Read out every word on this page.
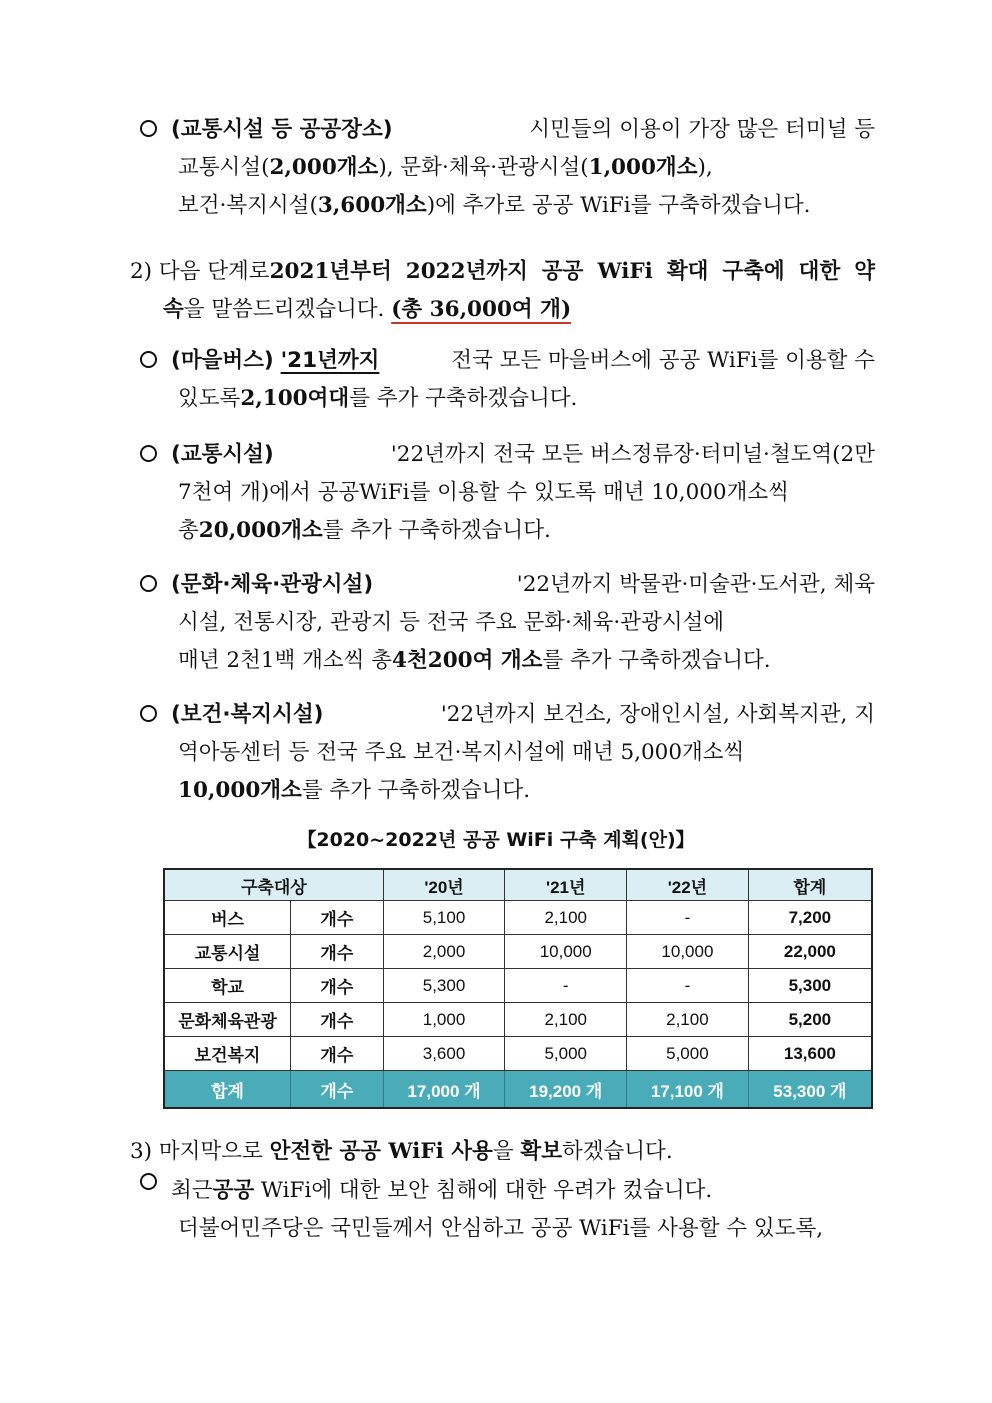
(교통시설 등 공공장소)	시민들의 이용이 가장 많은 터미널 등
교통시설( 2,000개소 ), 문화·체육·관광시설( 1,000개소 ),
보건·복지시설( 3,600개소 )에 추가로 공공 WiFi를 구축하겠습니다.
2) 다음 단계로 2021년부터 2022년까지 공공 WiFi 확대 구축에 대한 약
속을 말씀드리겠습니다. (총 36,000여 개)
(마을버스) '21년까지	전국 모든 마을버스에 공공 WiFi를 이용할 수
있도록 2,100여대 를 추가 구축하겠습니다.
(교통시설)	'22년까지 전국 모든 버스정류장·터미널·철도역(2만
7천여 개)에서 공공WiFi를 이용할 수 있도록 매년 10,000개소씩
총 20,000개소 를 추가 구축하겠습니다.
(문화·체육·관광시설)	'22년까지 박물관·미술관·도서관, 체육
시설, 전통시장, 관광지 등 전국 주요 문화·체육·관광시설에
매년 2천1백 개소씩 총 4천200여 개소 를 추가 구축하겠습니다.
(보건·복지시설)	'22년까지 보건소, 장애인시설, 사회복지관, 지
역아동센터 등 전국 주요 보건·복지시설에 매년 5,000개소씩
10,000개소 를 추가 구축하겠습니다.
【2020~2022년 공공 WiFi 구축 계획(안)】
구축대상		'20년	'21년	'22년	합계
버스	개수	5,100	2,100	-	7,200
교통시설	개수	2,000	10,000	10,000	22,000
학교	개수	5,300	-	-	5,300
문화체육관광	개수	1,000	2,100	2,100	5,200
보건복지	개수	3,600	5,000	5,000	13,600
합계	개수	17,000 개	19,200 개	17,100 개	53,300 개
3) 마지막으로 안전한 공공 WiFi 사용을 확보하겠습니다.
최근 공공 WiFi에 대한 보안 침해에 대한 우려가 컸습니다.
더불어민주당은 국민들께서 안심하고 공공 WiFi를 사용할 수 있도록,
